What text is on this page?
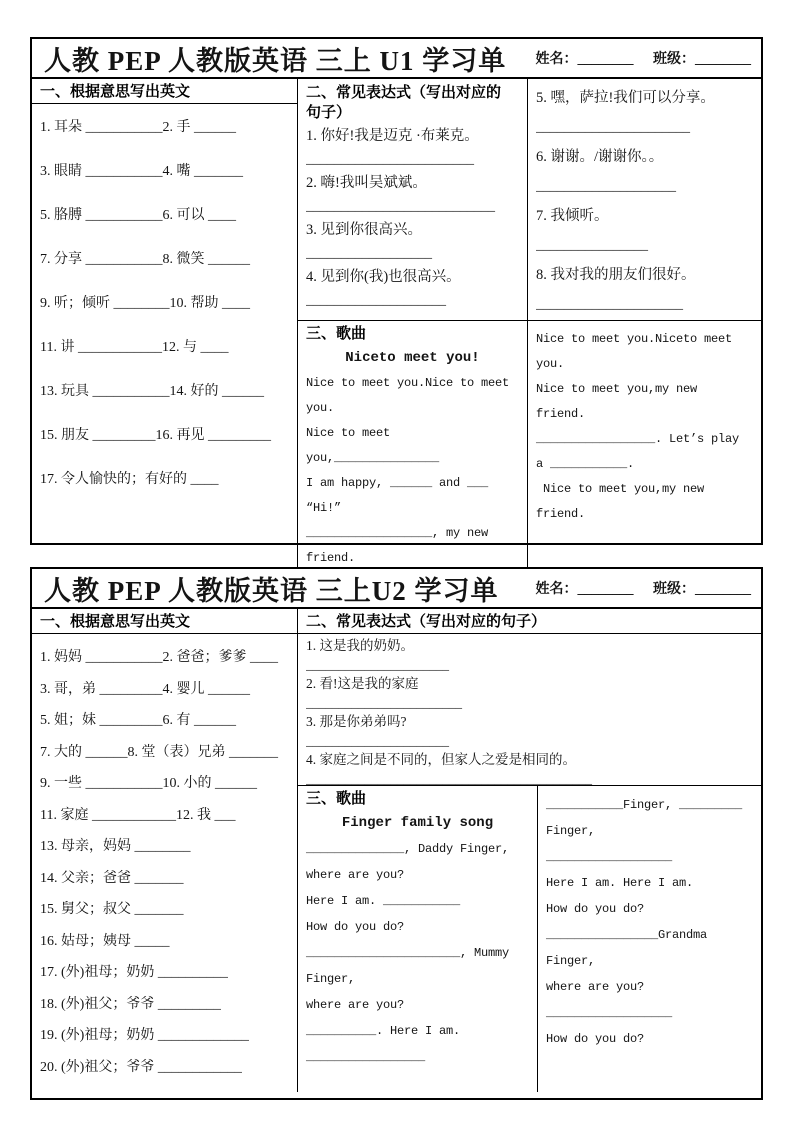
人教 PEP 人教版英语 三上 U1 学习单	姓名：________ 班级：________
一、根据意思写出英文
1. 耳朵 ___________2. 手 ______
3. 眼睛 ___________4. 嘴 _______
5. 胳膊 ___________6. 可以 ____
7. 分享 ___________8. 微笑 ______
9. 听；倾听 ________10. 帮助 ____
11. 讲 ____________12. 与 ____
13. 玩具 ___________14. 好的 ______
15. 朋友 _________16. 再见 _________
17. 令人愉快的；有好的 ____
二、常见表达式（写出对应的句子）
1. 你好!我是迈克 ·布莱克。
________________________
2. 嗨!我叫吴斌斌。
___________________________
3. 见到你很高兴。
__________________
4. 见到你(我)也很高兴。
____________________
三、歌曲
Niceto meet you!
Nice to meet you.Nice to meet you.
Nice to meet you,_______________
I am happy, ______ and ___ “Hi!”
__________________, my new friend.
5. 嘿，萨拉!我们可以分享。
______________________
6. 谢谢。/谢谢你。。
____________________
7. 我倾听。
________________
8. 我对我的朋友们很好。
_____________________
Nice to meet you.Niceto meet you.
Nice to meet you,my new friend.
_________________. Let’s play a ___________.
Nice to meet you,my new friend.
人教 PEP 人教版英语 三上U2 学习单	姓名：________ 班级：________
一、根据意思写出英文
1. 妈妈 ___________2. 爸爸；爹爹 ____
3. 哥，弟 _________4. 婴儿 ______
5. 姐；妹 _________6. 有 ______
7. 大的 ______8. 堂（表）兄弟 _______
9. 一些 ___________10. 小的 ______
11. 家庭 ____________12. 我 ___
13. 母亲，妈妈 ________
14. 父亲；爸爸 _______
15. 舅父；叔父 _______
16. 姑母；姨母 _____
17. (外)祖母；奶奶 __________
18. (外)祖父；爷爷 _________
19. (外)祖母；奶奶 _____________
20. (外)祖父；爷爷 ____________
二、常见表达式（写出对应的句子）
1. 这是我的奶奶。
______________________
2. 看!这是我的家庭
________________________
3. 那是你弟弟吗?
______________________
4. 家庭之间是不同的，但家人之爱是相同的。
____________________________________________
三、歌曲
Finger family song
______________, Daddy Finger,
where are you?
Here I am. ___________
How do you do?
______________________, Mummy Finger,
where are you?
__________. Here I am.
_________________
___________Finger, _________ Finger,
__________________
Here I am. Here I am.
How do you do?
________________Grandma Finger,
where are you?
__________________
How do you do?
